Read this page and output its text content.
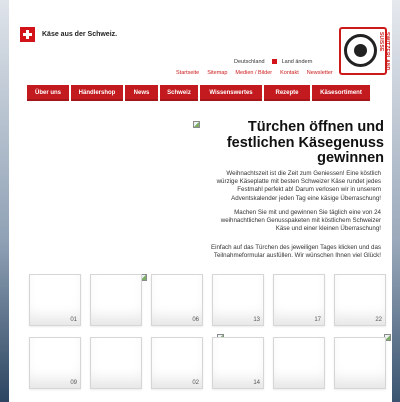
Käse aus der Schweiz.
Deutschland	Land ändern
Startseite Sitemap Medien / Bilder Kontakt Newsletter
SWITZERLAND SUISSE
Über uns	Händlershop	News	Schweiz	Wissenswertes	Rezepte	Käsesortiment
Türchen öffnen und festlichen Käsegenuss gewinnen
Weihnachtszeit ist die Zeit zum Geniessen! Eine köstlich würzige Käseplatte mit besten Schweizer Käse rundet jedes Festmahl perfekt ab! Darum verlosen wir in unserem Adventskalender jeden Tag eine käsige Überraschung!
Machen Sie mit und gewinnen Sie täglich eine von 24 weihnachtlichen Genusspaketen mit köstlichem Schweizer Käse und einer kleinen Überraschung!
Einfach auf das Türchen des jeweiligen Tages klicken und das Teilnahmeformular ausfüllen. Wir wünschen Ihnen viel Glück!
22
17
13
06
01
14
02
09
